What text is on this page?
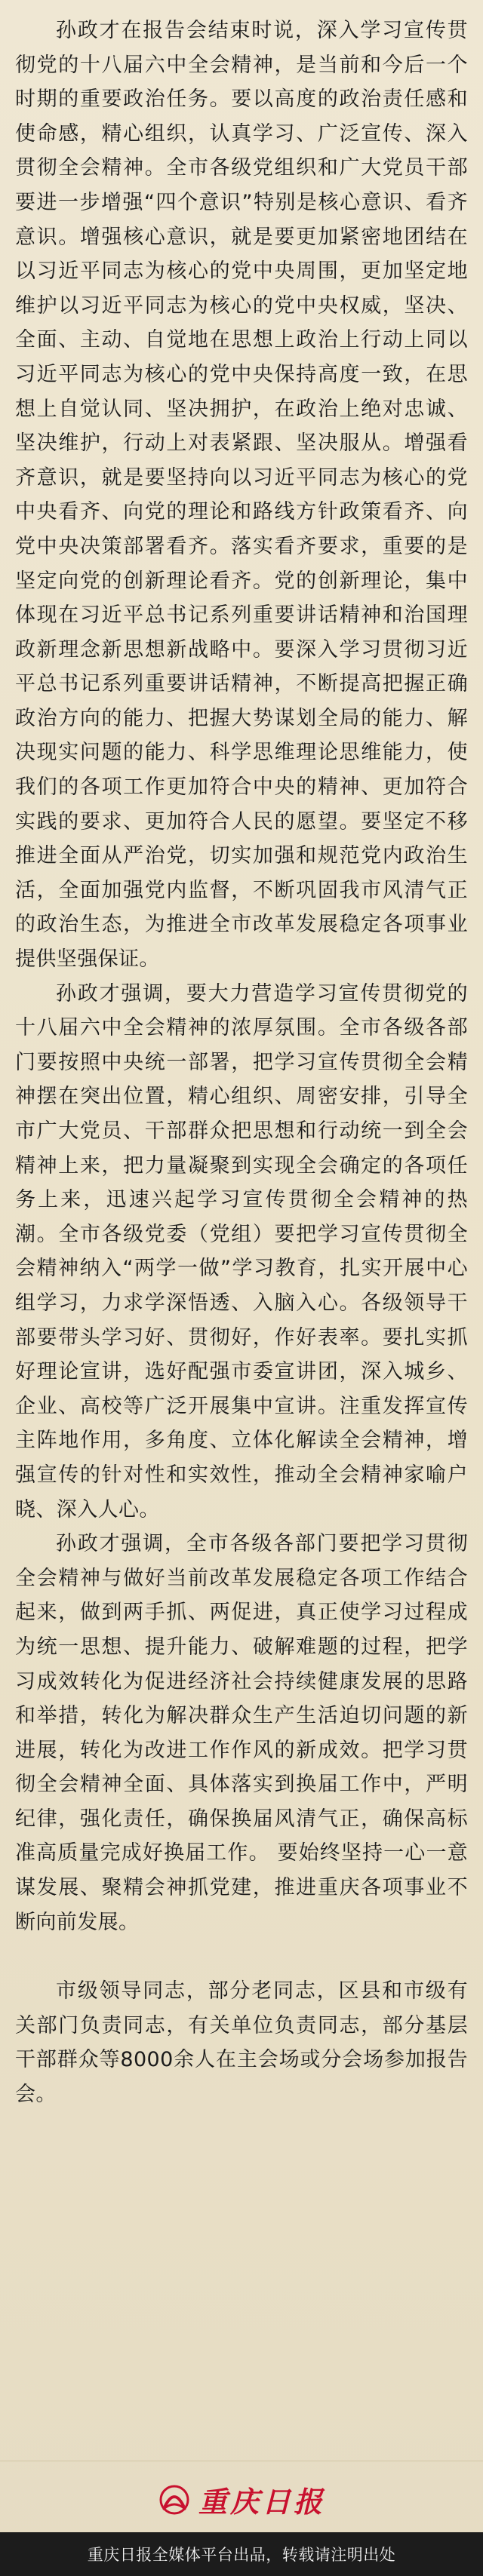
孙政才在报告会结束时说，深入学习宣传贯彻党的十八届六中全会精神，是当前和今后一个时期的重要政治任务。要以高度的政治责任感和使命感，精心组织，认真学习、广泛宣传、深入贯彻全会精神。全市各级党组织和广大党员干部要进一步增强“四个意识”特别是核心意识、看齐意识。增强核心意识，就是要更加紧密地团结在以习近平同志为核心的党中央周围，更加坚定地维护以习近平同志为核心的党中央权威，坚决、全面、主动、自觉地在思想上政治上行动上同以习近平同志为核心的党中央保持高度一致，在思想上自觉认同、坚决拥护，在政治上绝对忠诚、坚决维护，行动上对表紧跟、坚决服从。增强看齐意识，就是要坚持向以习近平同志为核心的党中央看齐、向党的理论和路线方针政策看齐、向党中央决策部署看齐。落实看齐要求，重要的是坚定向党的创新理论看齐。党的创新理论，集中体现在习近平总书记系列重要讲话精神和治国理政新理念新思想新战略中。要深入学习贯彻习近平总书记系列重要讲话精神，不断提高把握正确政治方向的能力、把握大势谋划全局的能力、解决现实问题的能力、科学思维理论思维能力，使我们的各项工作更加符合中央的精神、更加符合实践的要求、更加符合人民的愿望。要坚定不移推进全面从严治党，切实加强和规范党内政治生活，全面加强党内监督，不断巩固我市风清气正的政治生态，为推进全市改革发展稳定各项事业提供坚强保证。

孙政才强调，要大力营造学习宣传贯彻党的十八届六中全会精神的浓厚氛围。全市各级各部门要按照中央统一部署，把学习宣传贯彻全会精神摆在突出位置，精心组织、周密安排，引导全市广大党员、干部群众把思想和行动统一到全会精神上来，把力量凝聚到实现全会确定的各项任务上来，迅速兴起学习宣传贯彻全会精神的热潮。全市各级党委（党组）要把学习宣传贯彻全会精神纳入“两学一做”学习教育，扎实开展中心组学习，力求学深悟透、入脑入心。各级领导干部要带头学习好、贯彻好，作好表率。要扎实抓好理论宣讲，选好配强市委宣讲团，深入城乡、企业、高校等广泛开展集中宣讲。注重发挥宣传主阵地作用，多角度、立体化解读全会精神，增强宣传的针对性和实效性，推动全会精神家喻户晓、深入人心。

孙政才强调，全市各级各部门要把学习贯彻全会精神与做好当前改革发展稳定各项工作结合起来，做到两手抓、两促进，真正使学习过程成为统一思想、提升能力、破解难题的过程，把学习成效转化为促进经济社会持续健康发展的思路和举措，转化为解决群众生产生活迫切问题的新进展，转化为改进工作作风的新成效。把学习贯彻全会精神全面、具体落实到换届工作中，严明纪律，强化责任，确保换届风清气正，确保高标准高质量完成好换届工作。 要始终坚持一心一意谋发展、聚精会神抓党建，推进重庆各项事业不断向前发展。

市级领导同志，部分老同志，区县和市级有关部门负责同志，有关单位负责同志，部分基层干部群众等8000余人在主会场或分会场参加报告会。

重庆日报
重庆日报全媒体平台出品，转载请注明出处
